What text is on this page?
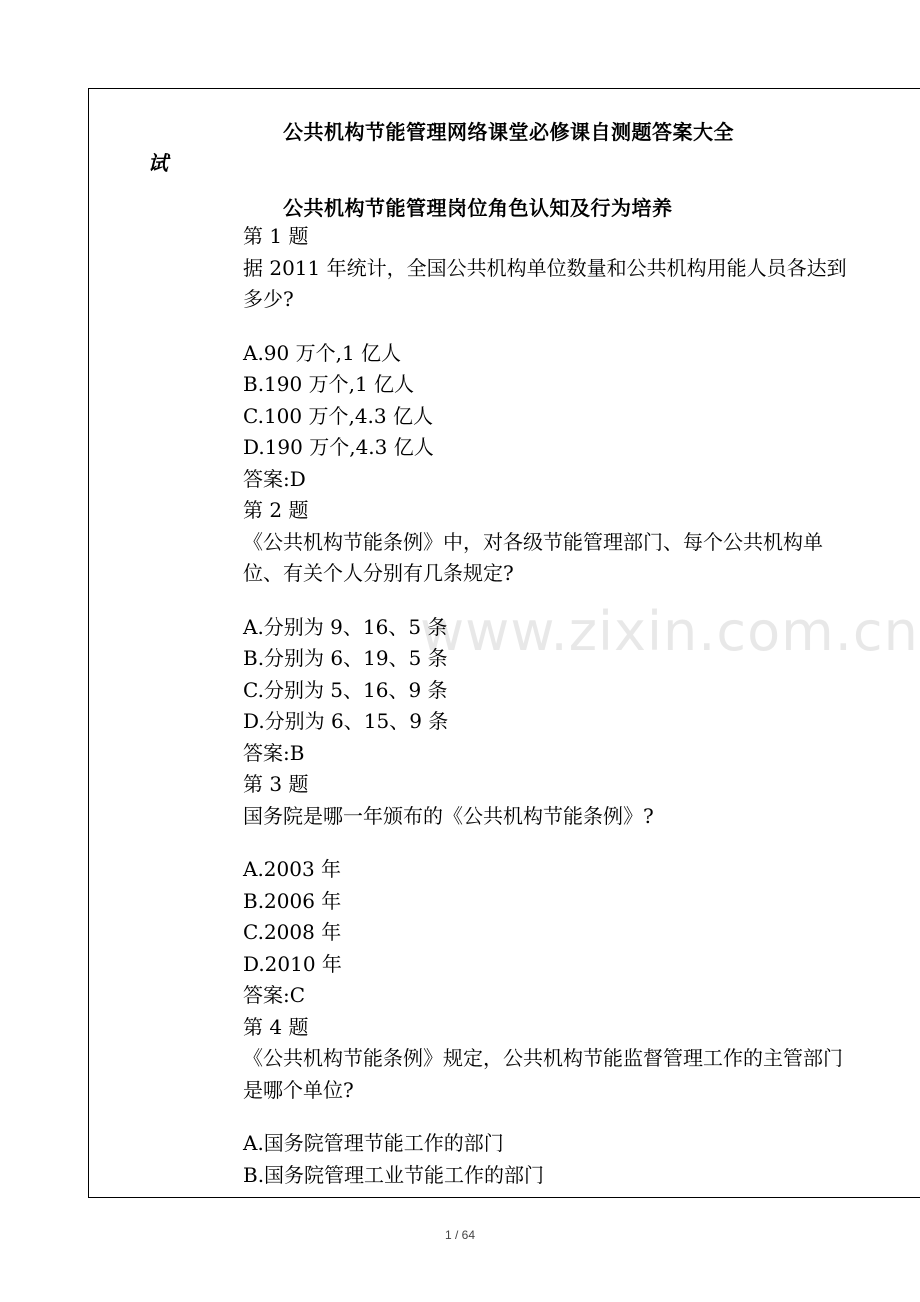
公共机构节能管理网络课堂必修课自测题答案大全
试
公共机构节能管理岗位角色认知及行为培养
第 1 题
据 2011 年统计，全国公共机构单位数量和公共机构用能人员各达到多少?
A.90 万个,1 亿人
B.190 万个,1 亿人
C.100 万个,4.3 亿人
D.190 万个,4.3 亿人
答案:D
第 2 题
《公共机构节能条例》中，对各级节能管理部门、每个公共机构单位、有关个人分别有几条规定?
A.分别为 9、16、5 条
B.分别为 6、19、5 条
C.分别为 5、16、9 条
D.分别为 6、15、9 条
答案:B
第 3 题
国务院是哪一年颁布的《公共机构节能条例》?
A.2003 年
B.2006 年
C.2008 年
D.2010 年
答案:C
第 4 题
《公共机构节能条例》规定，公共机构节能监督管理工作的主管部门是哪个单位?
A.国务院管理节能工作的部门
B.国务院管理工业节能工作的部门
www.zixin.com.cn
1 / 64
